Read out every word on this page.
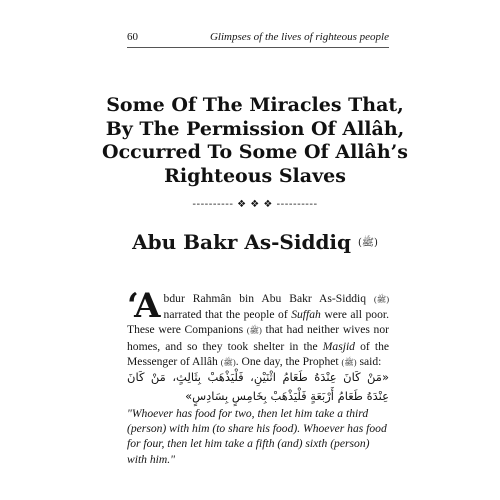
60	Glimpses of the lives of righteous people
Some Of The Miracles That,
By The Permission Of Allâh,
Occurred To Some Of Allâh’s
Righteous Slaves
---------- ❖ ❖ ❖ ----------
Abu Bakr As-Siddiq (ﷺ)
‘Abdur Rahmân bin Abu Bakr As-Siddiq (ﷺ) narrated that the people of Suffah were all poor. These were Companions (ﷺ) that had neither wives nor homes, and so they took shelter in the Masjid of the Messenger of Allâh (ﷺ). One day, the Prophet (ﷺ) said:
«مَنْ كَانَ عِنْدَهُ طَعَامُ اثْنَيْنِ، فَلْيَذْهَبْ بِثَالِثٍ، مَنْ كَانَ عِنْدَهُ طَعَامُ أَرْبَعَةٍ فَلْيَذْهَبْ بِخَامِسٍ بِسَادِسٍ»
"Whoever has food for two, then let him take a third (person) with him (to share his food). Whoever has food for four, then let him take a fifth (and) sixth (person) with him."
